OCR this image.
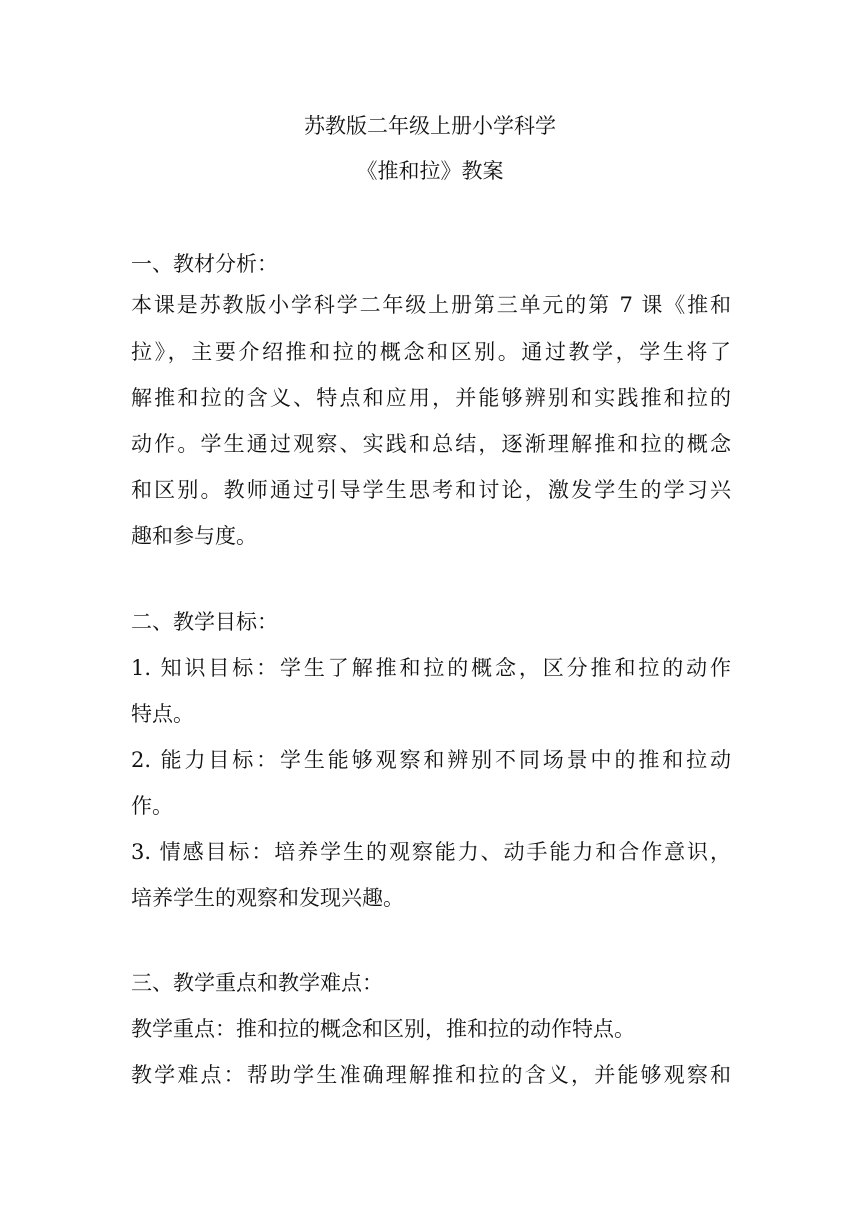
苏教版二年级上册小学科学
《推和拉》教案
一、教材分析：
本课是苏教版小学科学二年级上册第三单元的第 7 课《推和
拉》，主要介绍推和拉的概念和区别。通过教学，学生将了
解推和拉的含义、特点和应用，并能够辨别和实践推和拉的
动作。学生通过观察、实践和总结，逐渐理解推和拉的概念
和区别。教师通过引导学生思考和讨论，激发学生的学习兴
趣和参与度。
二、教学目标：
1. 知识目标：学生了解推和拉的概念，区分推和拉的动作
特点。
2. 能力目标：学生能够观察和辨别不同场景中的推和拉动
作。
3. 情感目标：培养学生的观察能力、动手能力和合作意识，
培养学生的观察和发现兴趣。
三、教学重点和教学难点：
教学重点：推和拉的概念和区别，推和拉的动作特点。
教学难点：帮助学生准确理解推和拉的含义，并能够观察和
